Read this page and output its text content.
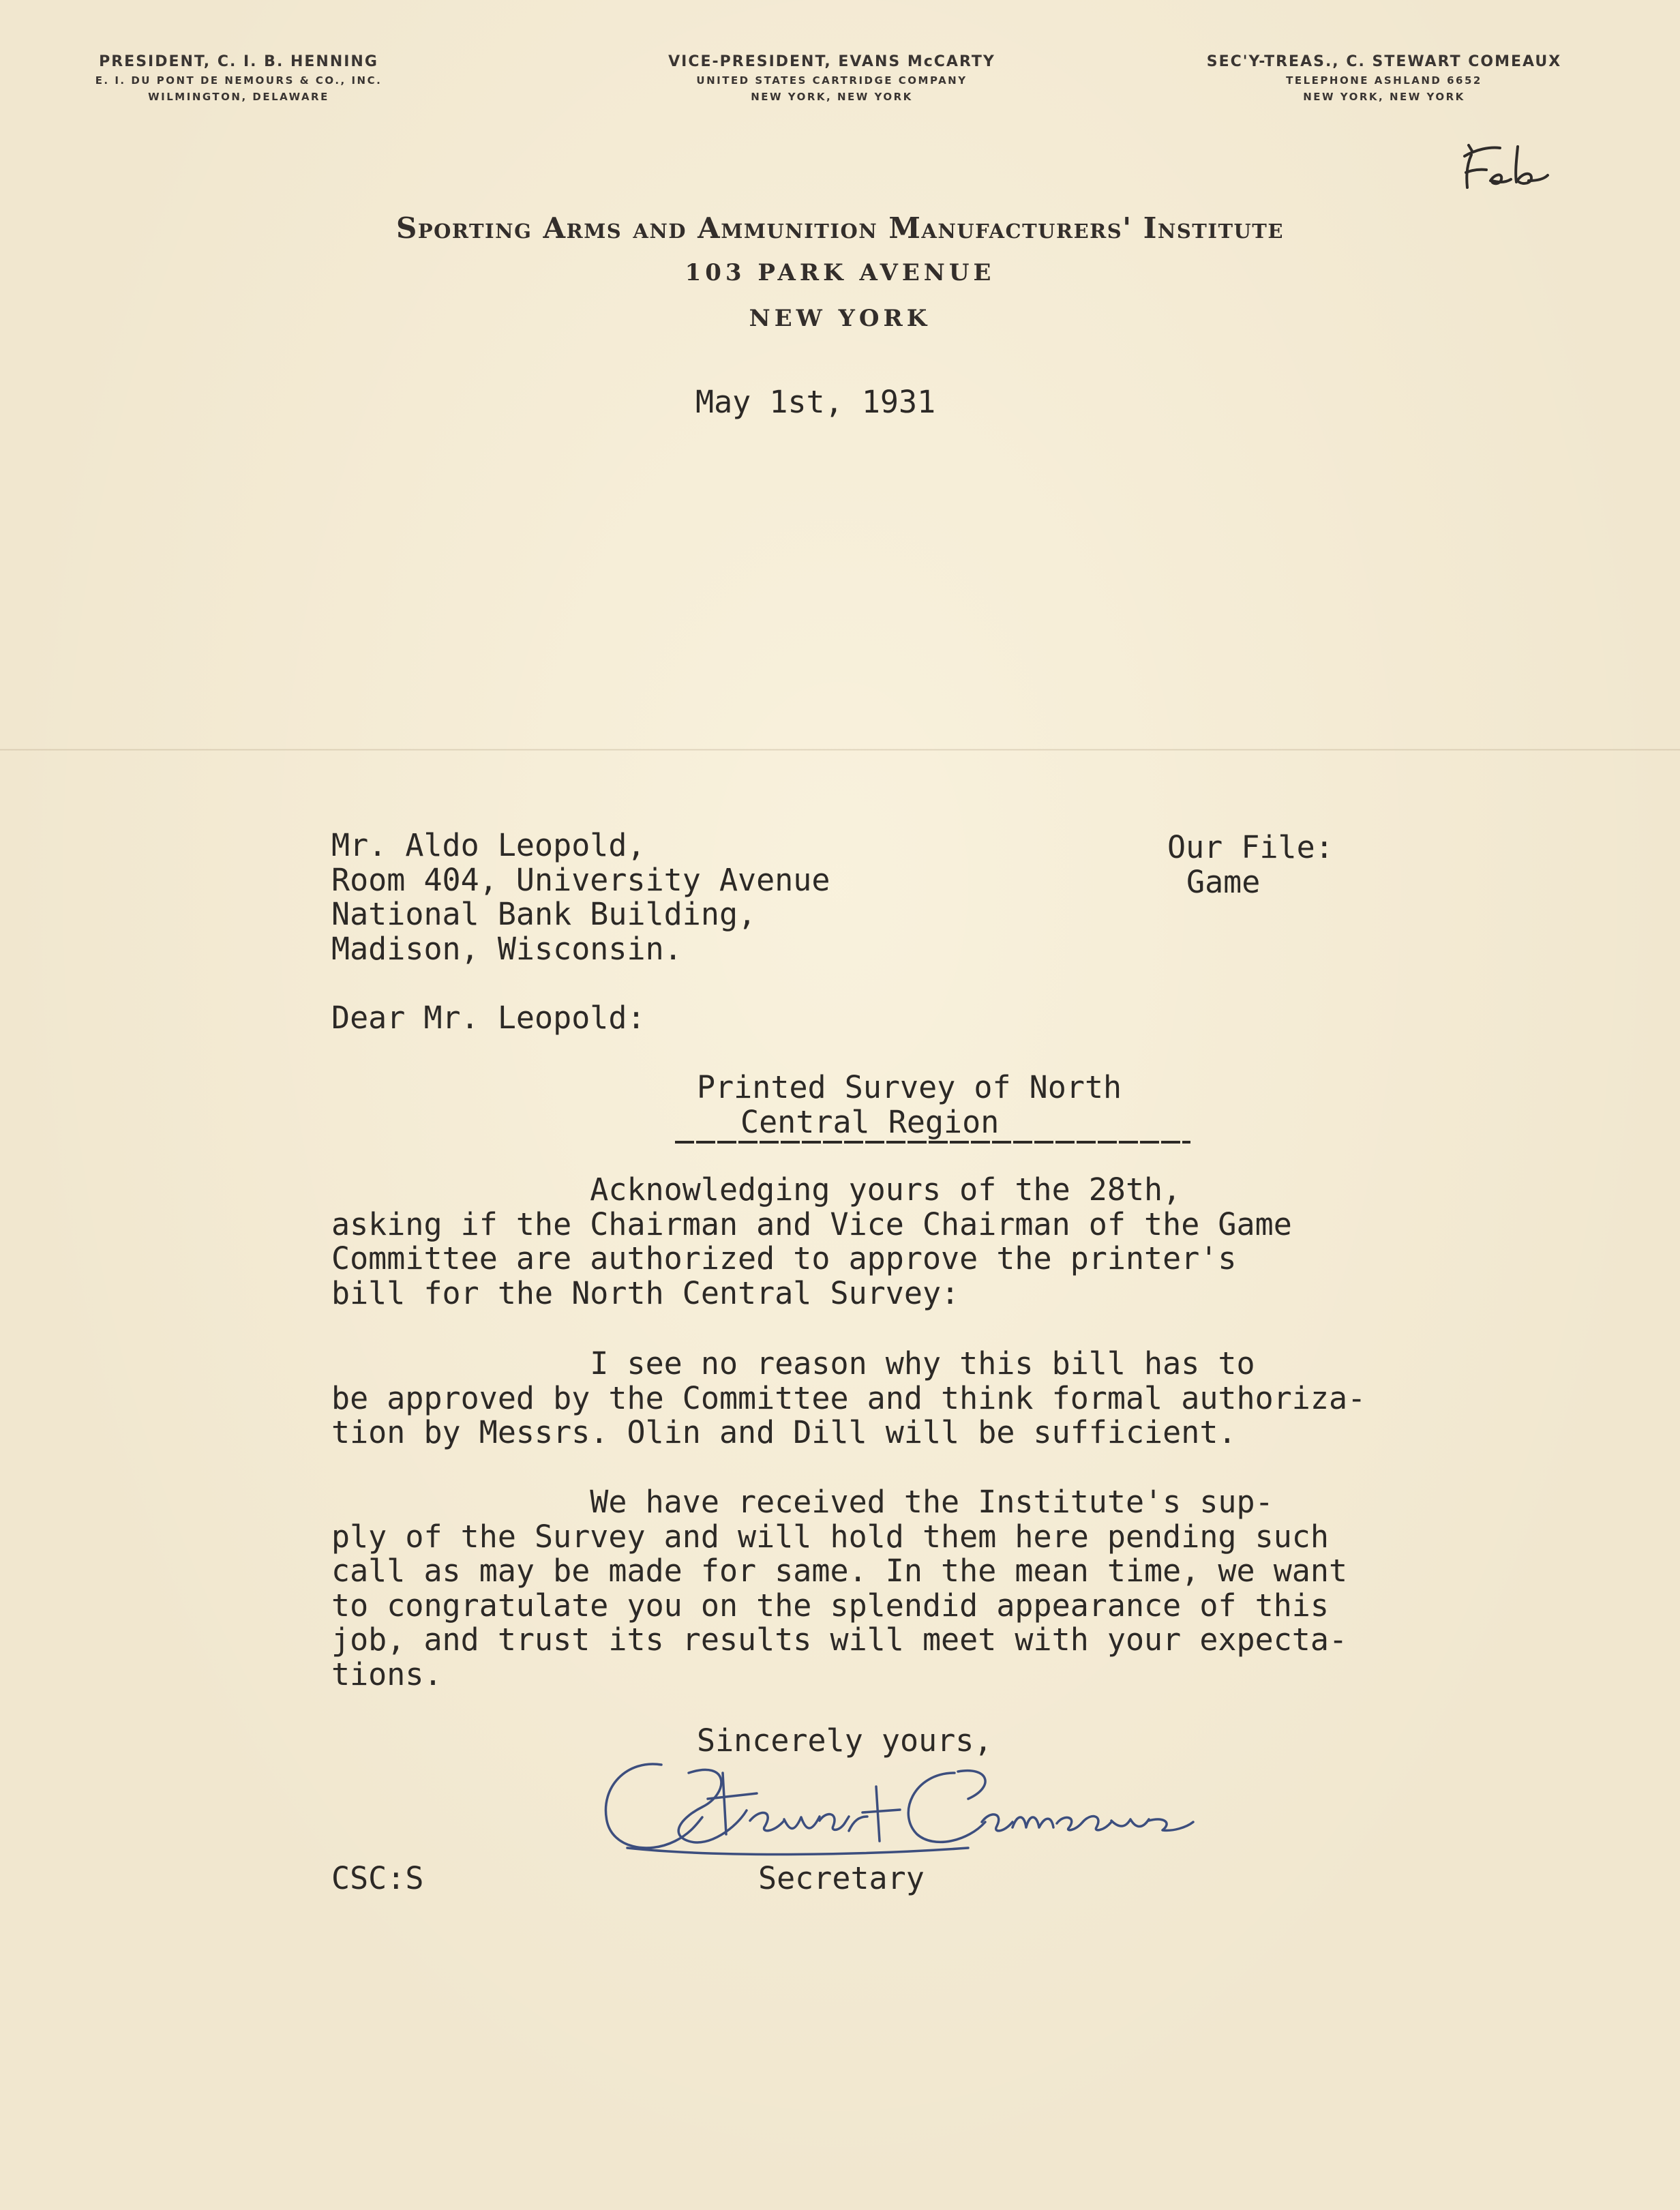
PRESIDENT, C. I. B. HENNING
E. I. DU PONT DE NEMOURS & CO., INC.
WILMINGTON, DELAWARE
VICE-PRESIDENT, EVANS McCARTY
UNITED STATES CARTRIDGE COMPANY
NEW YORK, NEW YORK
SEC'Y-TREAS., C. STEWART COMEAUX
TELEPHONE ASHLAND 6652
NEW YORK, NEW YORK
Sporting Arms and Ammunition Manufacturers' Institute
103 PARK AVENUE
NEW YORK
May 1st, 1931
Mr. Aldo Leopold,
Room 404, University Avenue
National Bank Building,
Madison, Wisconsin.
Our File:
Game
Dear Mr. Leopold:
Printed Survey of North
Central Region
Acknowledging yours of the 28th,
asking if the Chairman and Vice Chairman of the Game
Committee are authorized to approve the printer's
bill for the North Central Survey:
I see no reason why this bill has to
be approved by the Committee and think formal authoriza-
tion by Messrs. Olin and Dill will be sufficient.
We have received the Institute's sup-
ply of the Survey and will hold them here pending such
call as may be made for same. In the mean time, we want
to congratulate you on the splendid appearance of this
job, and trust its results will meet with your expecta-
tions.
Sincerely yours,
CSC:S	Secretary
